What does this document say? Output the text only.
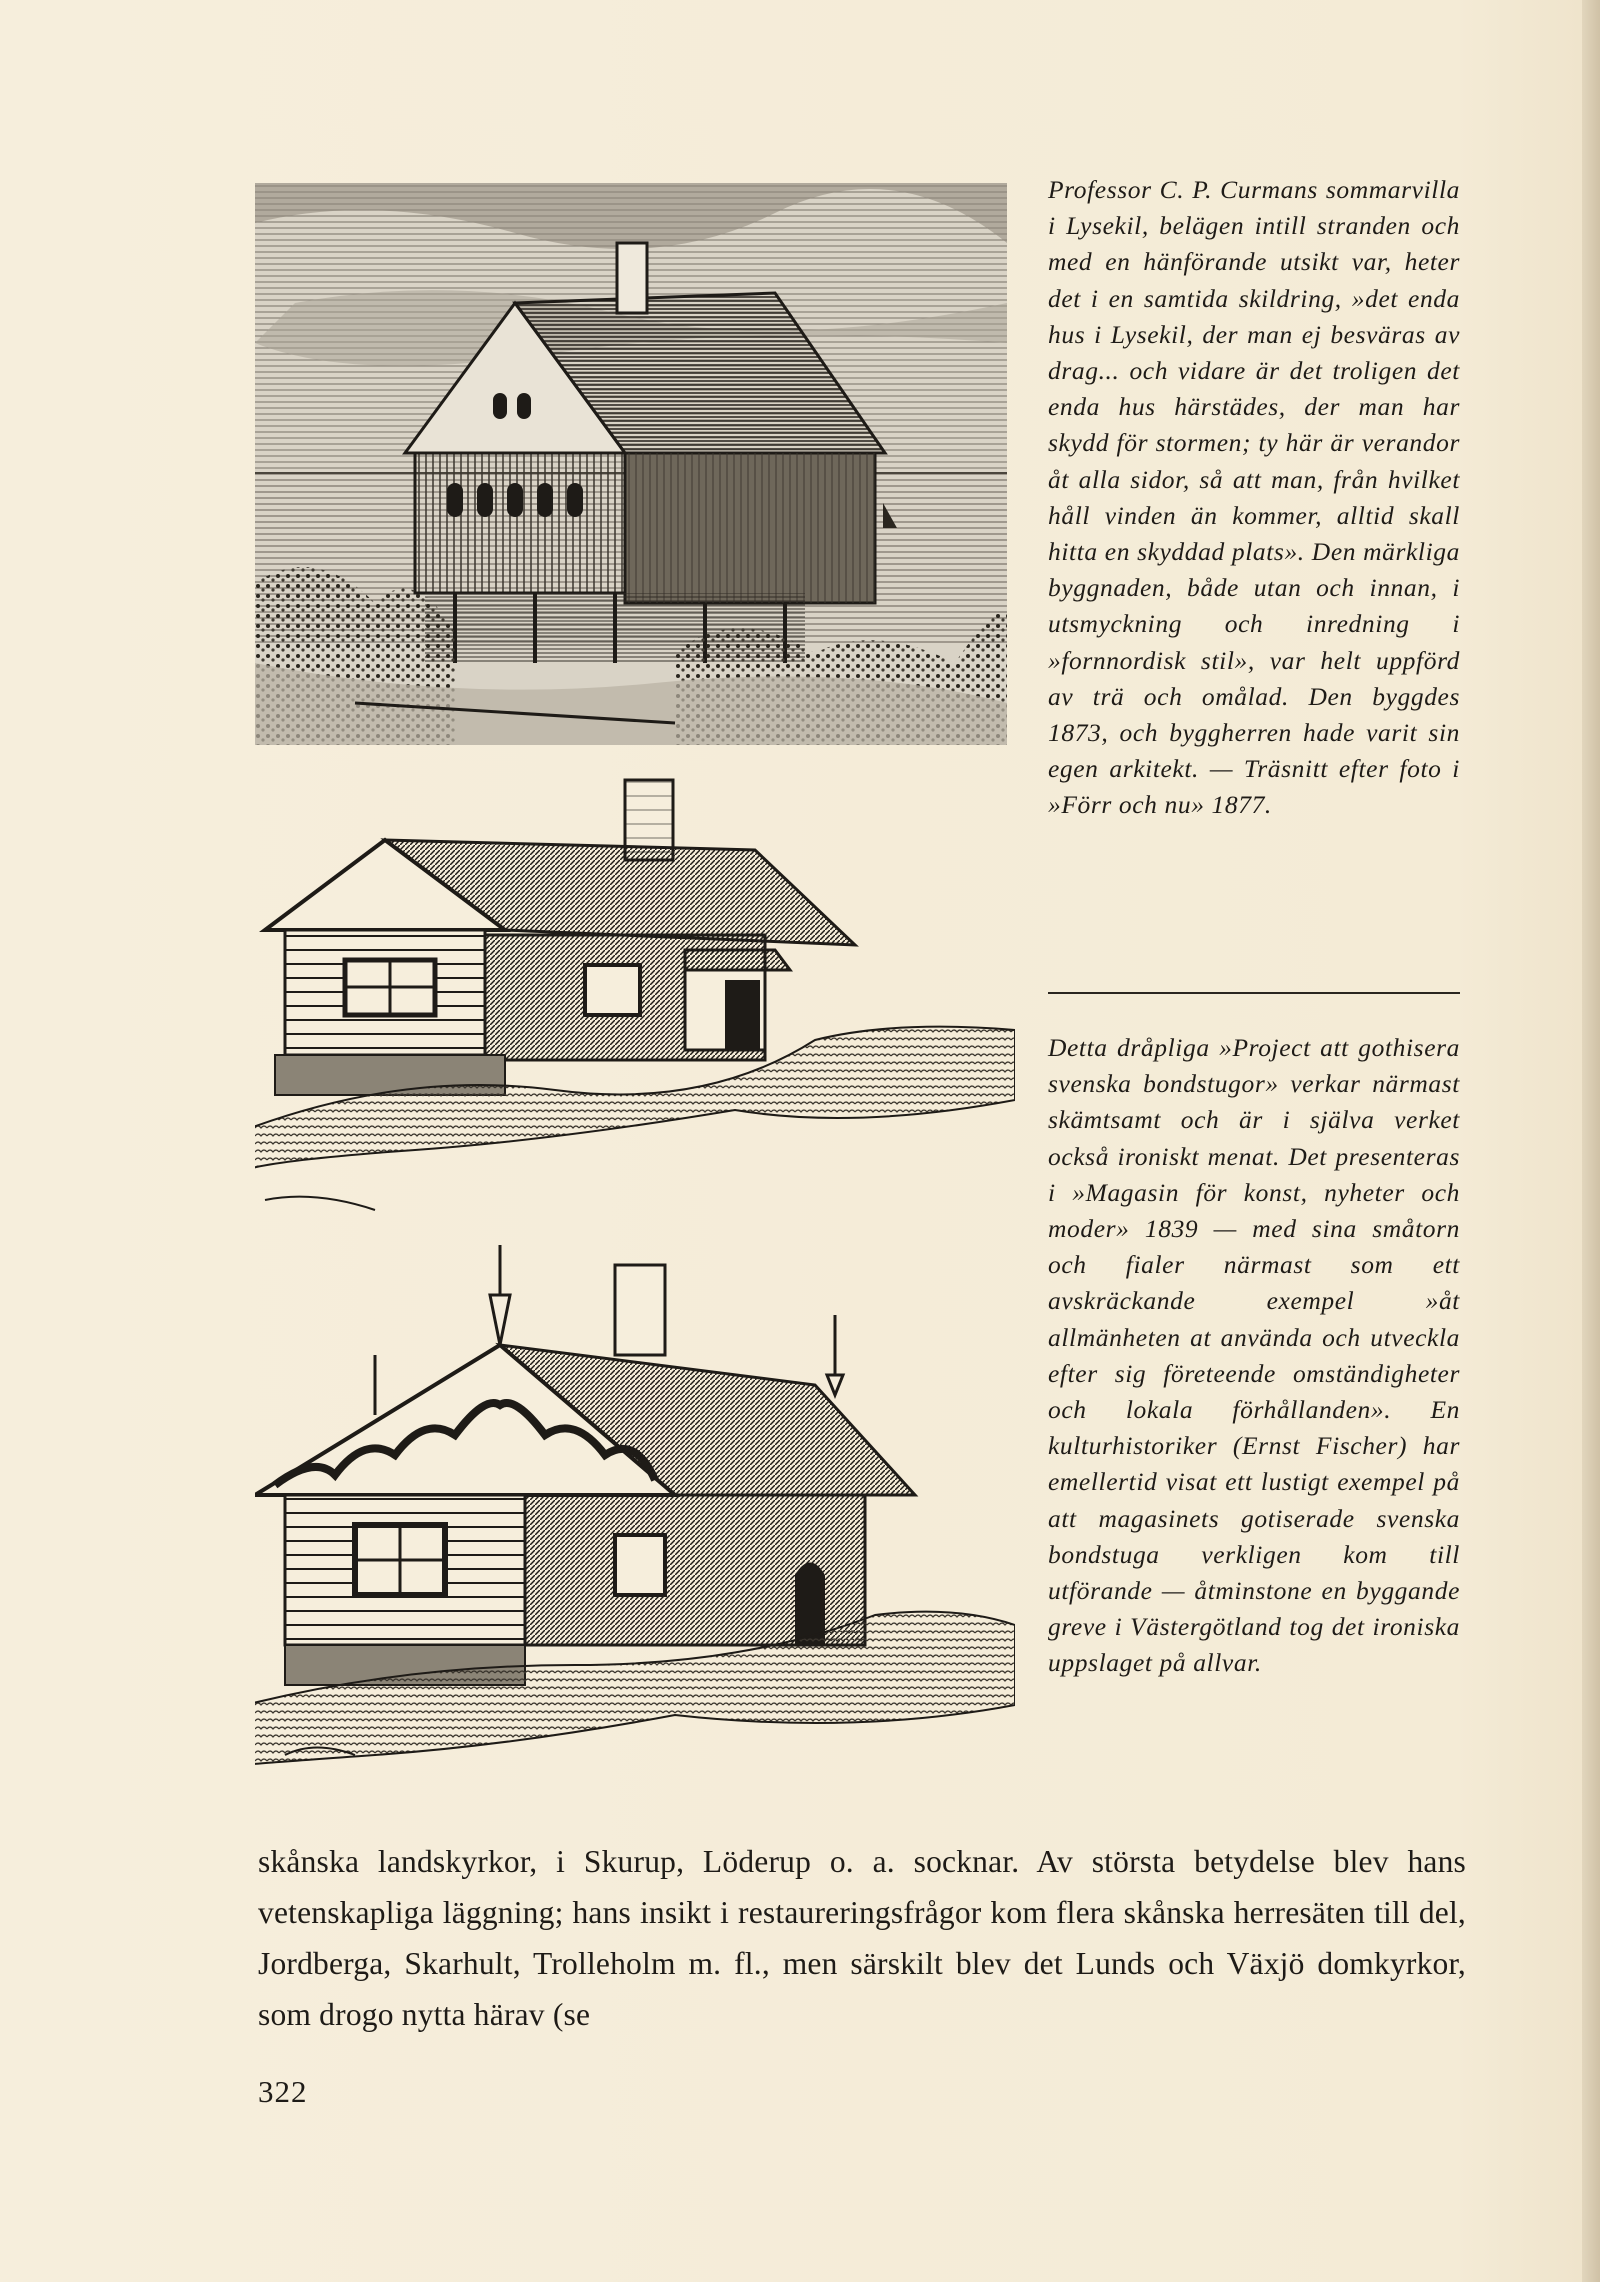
Professor C. P. Curmans sommarvilla i Lysekil, belägen intill stranden och med en hänförande utsikt var, heter det i en samtida skildring, »det enda hus i Lysekil, der man ej besväras av drag... och vidare är det troligen det enda hus härstädes, der man har skydd för stormen; ty här är verandor åt alla sidor, så att man, från hvilket håll vinden än kommer, alltid skall hitta en skyddad plats». Den märkliga byggnaden, både utan och innan, i utsmyckning och inredning i »fornnordisk stil», var helt uppförd av trä och omålad. Den byggdes 1873, och byggherren hade varit sin egen arkitekt. — Träsnitt efter foto i »Förr och nu» 1877.

Detta dråpliga »Project att gothisera svenska bondstugor» verkar närmast skämtsamt och är i själva verket också ironiskt menat. Det presenteras i »Magasin för konst, nyheter och moder» 1839 — med sina småtorn och fialer närmast som ett avskräckande exempel »åt allmänheten at använda och utveckla efter sig företeende omständigheter och lokala förhållanden». En kulturhistoriker (Ernst Fischer) har emellertid visat ett lustigt exempel på att magasinets gotiserade svenska bondstuga verkligen kom till utförande — åtminstone en byggande greve i Västergötland tog det ironiska uppslaget på allvar.

skånska landskyrkor, i Skurup, Löderup o. a. socknar. Av största betydelse blev hans vetenskapliga läggning; hans insikt i restaureringsfrågor kom flera skånska herresäten till del, Jordberga, Skarhult, Trolleholm m. fl., men särskilt blev det Lunds och Växjö domkyrkor, som drogo nytta härav (se

322
